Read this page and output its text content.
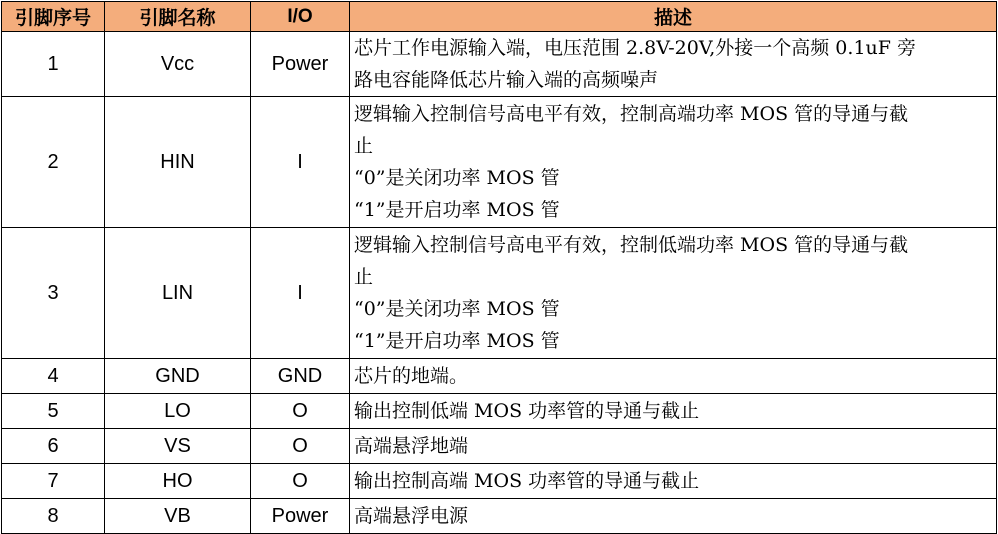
引脚序号	引脚名称	I/O	描述
1	Vcc	Power	芯片工作电源输入端，电压范围 2.8V-20V,外接一个高频 0.1uF 旁
路电容能降低芯片输入端的高频噪声

2	HIN	I	逻辑输入控制信号高电平有效，控制高端功率 MOS 管的导通与截
止
“0”是关闭功率 MOS 管
“1”是开启功率 MOS 管

3	LIN	I	逻辑输入控制信号高电平有效，控制低端功率 MOS 管的导通与截
止
“0”是关闭功率 MOS 管
“1”是开启功率 MOS 管

4	GND	GND	芯片的地端。

5	LO	O	输出控制低端 MOS 功率管的导通与截止

6	VS	O	高端悬浮地端

7	HO	O	输出控制高端 MOS 功率管的导通与截止

8	VB	Power	高端悬浮电源
